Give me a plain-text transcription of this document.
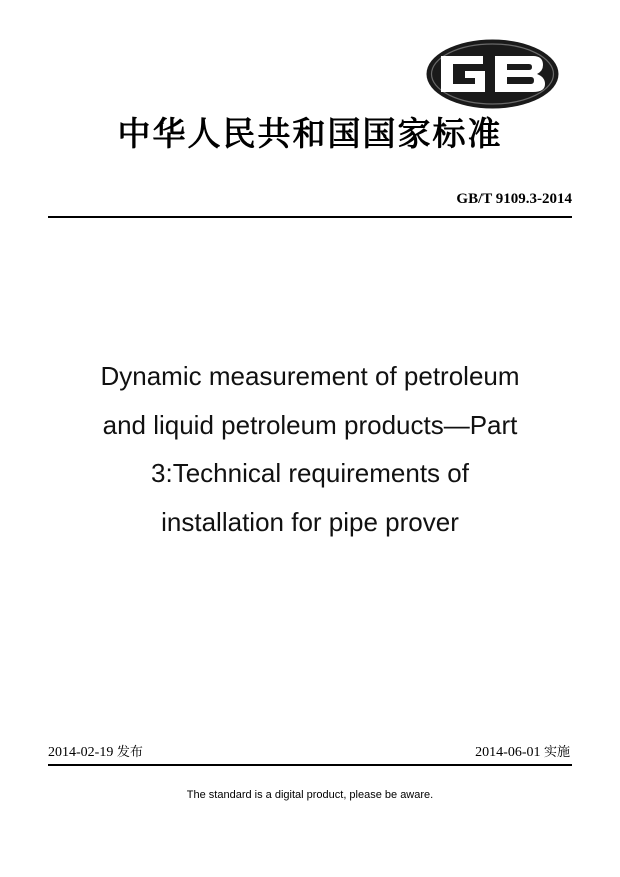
中华人民共和国国家标准
GB/T 9109.3-2014
Dynamic measurement of petroleum
and liquid petroleum products—Part
3:Technical requirements of
installation for pipe prover
2014-02-19 发布	2014-06-01 实施
The standard is a digital product, please be aware.
